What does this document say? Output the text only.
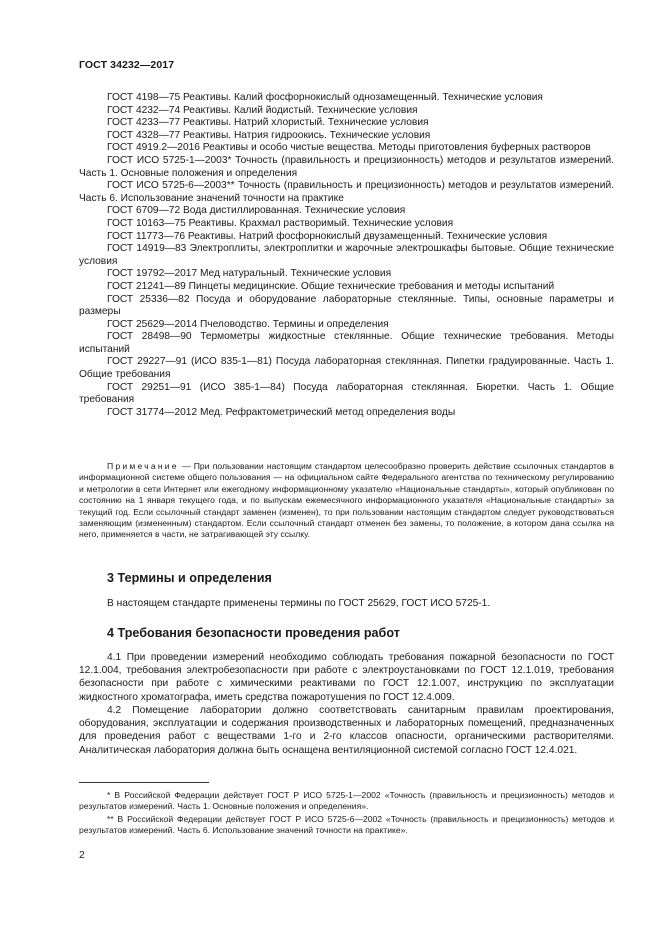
ГОСТ 34232—2017

ГОСТ 4198—75 Реактивы. Калий фосфорнокислый однозамещенный. Технические условия

ГОСТ 4232—74 Реактивы. Калий йодистый. Технические условия

ГОСТ 4233—77 Реактивы. Натрий хлористый. Технические условия

ГОСТ 4328—77 Реактивы. Натрия гидроокись. Технические условия

ГОСТ 4919.2—2016 Реактивы и особо чистые вещества. Методы приготовления буферных растворов

ГОСТ ИСО 5725-1—2003* Точность (правильность и прецизионность) методов и результатов измерений. Часть 1. Основные положения и определения

ГОСТ ИСО 5725-6—2003** Точность (правильность и прецизионность) методов и результатов измерений. Часть 6. Использование значений точности на практике

ГОСТ 6709—72 Вода дистиллированная. Технические условия

ГОСТ 10163—75 Реактивы. Крахмал растворимый. Технические условия

ГОСТ 11773—76 Реактивы. Натрий фосфорнокислый двузамещенный. Технические условия

ГОСТ 14919—83 Электроплиты, электроплитки и жарочные электрошкафы бытовые. Общие технические условия

ГОСТ 19792—2017 Мед натуральный. Технические условия

ГОСТ 21241—89 Пинцеты медицинские. Общие технические требования и методы испытаний

ГОСТ 25336—82 Посуда и оборудование лабораторные стеклянные. Типы, основные параметры и размеры

ГОСТ 25629—2014 Пчеловодство. Термины и определения

ГОСТ 28498—90 Термометры жидкостные стеклянные. Общие технические требования. Методы испытаний

ГОСТ 29227—91 (ИСО 835-1—81) Посуда лабораторная стеклянная. Пипетки градуированные. Часть 1. Общие требования

ГОСТ 29251—91 (ИСО 385-1—84) Посуда лабораторная стеклянная. Бюретки. Часть 1. Общие требования

ГОСТ 31774—2012 Мед. Рефрактометрический метод определения воды

Примечание — При пользовании настоящим стандартом целесообразно проверить действие ссылочных стандартов в информационной системе общего пользования — на официальном сайте Федерального агентства по техническому регулированию и метрологии в сети Интернет или ежегодному информационному указателю «Национальные стандарты», который опубликован по состоянию на 1 января текущего года, и по выпускам ежемесячного информационного указателя «Национальные стандарты» за текущий год. Если ссылочный стандарт заменен (изменен), то при пользовании настоящим стандартом следует руководствоваться заменяющим (измененным) стандартом. Если ссылочный стандарт отменен без замены, то положение, в котором дана ссылка на него, применяется в части, не затрагивающей эту ссылку.
3 Термины и определения
В настоящем стандарте применены термины по ГОСТ 25629, ГОСТ ИСО 5725-1.
4 Требования безопасности проведения работ
4.1 При проведении измерений необходимо соблюдать требования пожарной безопасности по ГОСТ 12.1.004, требования электробезопасности при работе с электроустановками по ГОСТ 12.1.019, требования безопасности при работе с химическими реактивами по ГОСТ 12.1.007, инструкцию по эксплуатации жидкостного хроматографа, иметь средства пожаротушения по ГОСТ 12.4.009.
4.2 Помещение лаборатории должно соответствовать санитарным правилам проектирования, оборудования, эксплуатации и содержания производственных и лабораторных помещений, предназначенных для проведения работ с веществами 1-го и 2-го классов опасности, органическими растворителями. Аналитическая лаборатория должна быть оснащена вентиляционной системой согласно ГОСТ 12.4.021.
* В Российской Федерации действует ГОСТ Р ИСО 5725-1—2002 «Точность (правильность и прецизионность) методов и результатов измерений. Часть 1. Основные положения и определения».
** В Российской Федерации действует ГОСТ Р ИСО 5725-6—2002 «Точность (правильность и прецизионность) методов и результатов измерений. Часть 6. Использование значений точности на практике».
2
